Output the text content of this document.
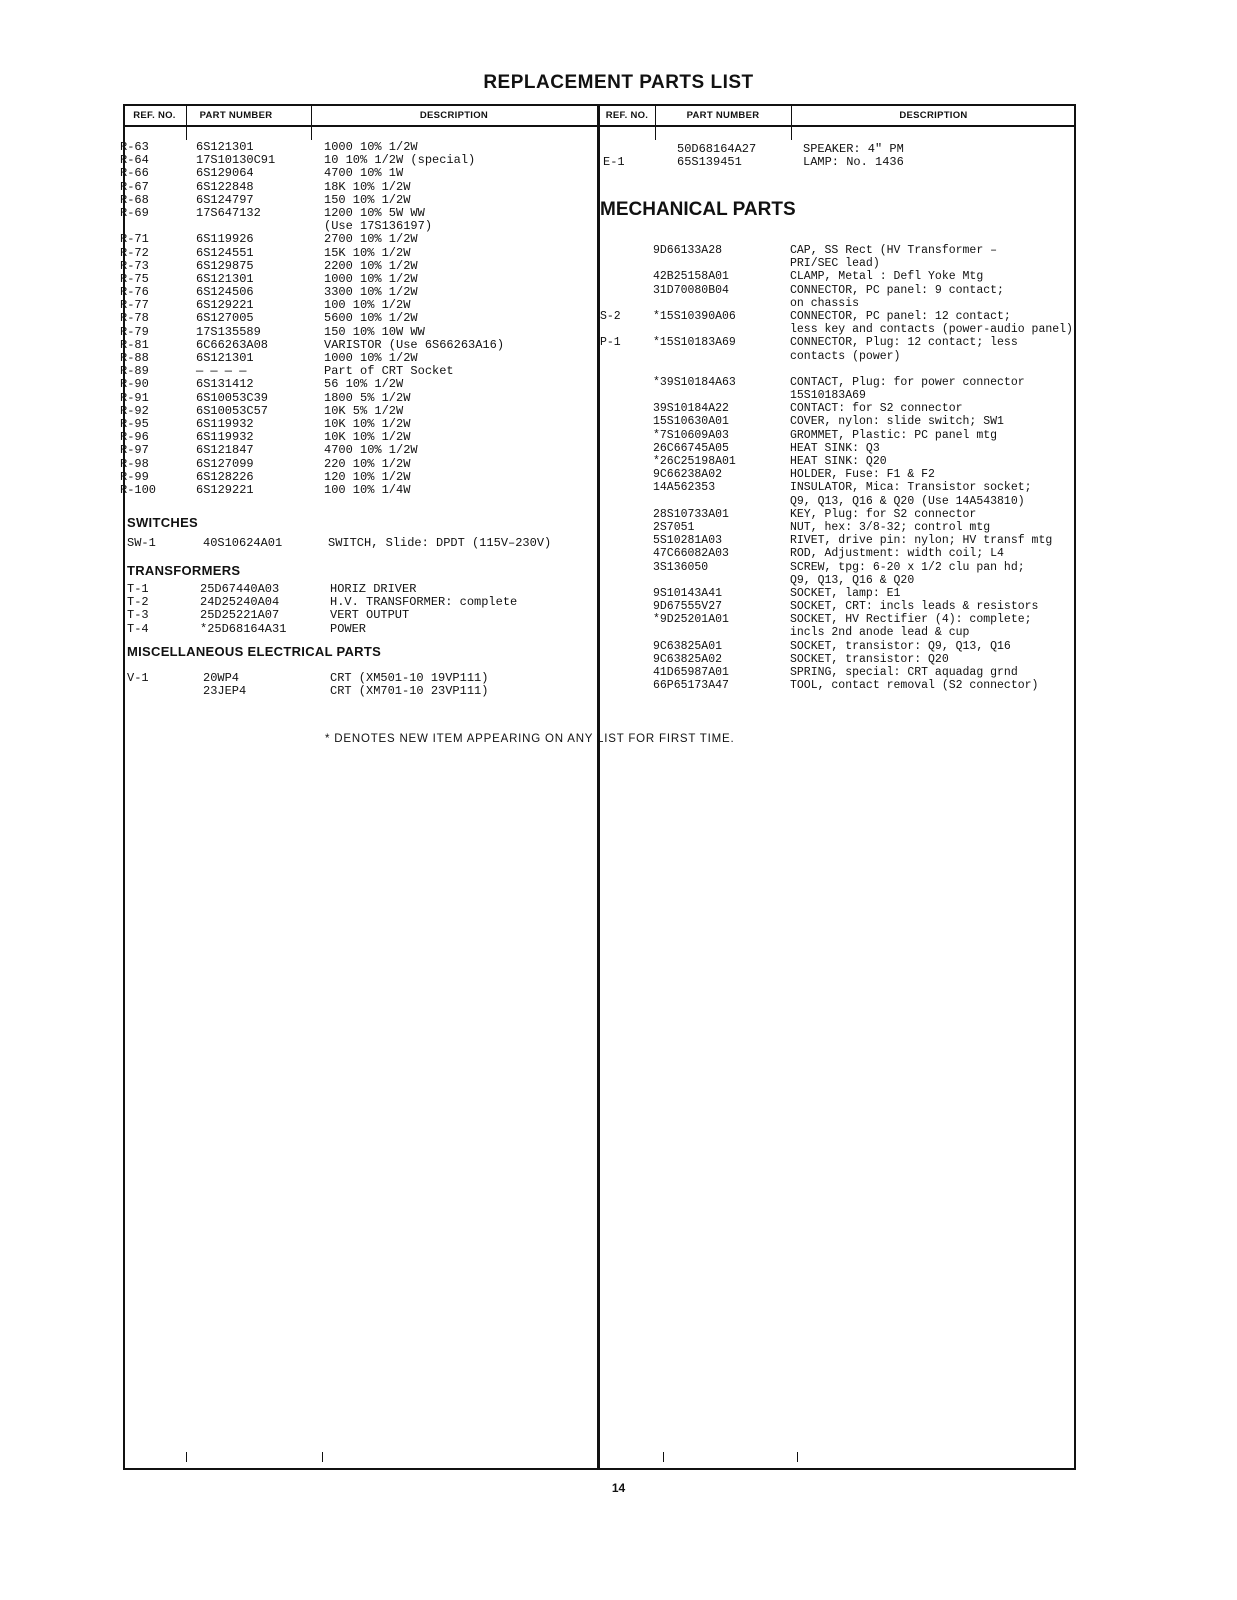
REPLACEMENT PARTS LIST
REF. NO.	PART NUMBER	DESCRIPTION	REF. NO.	PART NUMBER	DESCRIPTION
R-63	6S121301	1000 10% 1/2W
R-64	17S10130C91	10 10% 1/2W (special)
R-66	6S129064	4700 10% 1W
R-67	6S122848	18K 10% 1/2W
R-68	6S124797	150 10% 1/2W
R-69	17S647132	1200 10% 5W WW
(Use 17S136197)
R-71	6S119926	2700 10% 1/2W
R-72	6S124551	15K 10% 1/2W
R-73	6S129875	2200 10% 1/2W
R-75	6S121301	1000 10% 1/2W
R-76	6S124506	3300 10% 1/2W
R-77	6S129221	100 10% 1/2W
R-78	6S127005	5600 10% 1/2W
R-79	17S135589	150 10% 10W WW
R-81	6C66263A08	VARISTOR (Use 6S66263A16)
R-88	6S121301	1000 10% 1/2W
R-89	— — — —	Part of CRT Socket
R-90	6S131412	56 10% 1/2W
R-91	6S10053C39	1800 5% 1/2W
R-92	6S10053C57	10K 5% 1/2W
R-95	6S119932	10K 10% 1/2W
R-96	6S119932	10K 10% 1/2W
R-97	6S121847	4700 10% 1/2W
R-98	6S127099	220 10% 1/2W
R-99	6S128226	120 10% 1/2W
R-100	6S129221	100 10% 1/4W
SWITCHES
SW-1	40S10624A01	SWITCH, Slide: DPDT (115V–230V)
TRANSFORMERS
T-1	25D67440A03	HORIZ DRIVER
T-2	24D25240A04	H.V. TRANSFORMER: complete
T-3	25D25221A07	VERT OUTPUT
T-4	*25D68164A31	POWER
MISCELLANEOUS ELECTRICAL PARTS
V-1	20WP4	CRT (XM501-10 19VP111)
23JEP4	CRT (XM701-10 23VP111)
50D68164A27	SPEAKER: 4" PM
E-1	65S139451	LAMP: No. 1436
MECHANICAL PARTS
9D66133A28	CAP, SS Rect (HV Transformer –
PRI/SEC lead)
42B25158A01	CLAMP, Metal : Defl Yoke Mtg
31D70080B04	CONNECTOR, PC panel: 9 contact;
on chassis
S-2	*15S10390A06	CONNECTOR, PC panel: 12 contact;
less key and contacts (power-audio panel)
P-1	*15S10183A69	CONNECTOR, Plug: 12 contact; less
contacts (power)
*39S10184A63	CONTACT, Plug: for power connector
15S10183A69
39S10184A22	CONTACT: for S2 connector
15S10630A01	COVER, nylon: slide switch; SW1
*7S10609A03	GROMMET, Plastic: PC panel mtg
26C66745A05	HEAT SINK: Q3
*26C25198A01	HEAT SINK: Q20
9C66238A02	HOLDER, Fuse: F1 & F2
14A562353	INSULATOR, Mica: Transistor socket;
Q9, Q13, Q16 & Q20 (Use 14A543810)
28S10733A01	KEY, Plug: for S2 connector
2S7051	NUT, hex: 3/8-32; control mtg
5S10281A03	RIVET, drive pin: nylon; HV transf mtg
47C66082A03	ROD, Adjustment: width coil; L4
3S136050	SCREW, tpg: 6-20 x 1/2 clu pan hd;
Q9, Q13, Q16 & Q20
9S10143A41	SOCKET, lamp: E1
9D67555V27	SOCKET, CRT: incls leads & resistors
*9D25201A01	SOCKET, HV Rectifier (4): complete;
incls 2nd anode lead & cup
9C63825A01	SOCKET, transistor: Q9, Q13, Q16
9C63825A02	SOCKET, transistor: Q20
41D65987A01	SPRING, special: CRT aquadag grnd
66P65173A47	TOOL, contact removal (S2 connector)
* DENOTES NEW ITEM APPEARING ON ANY LIST FOR FIRST TIME.
14
